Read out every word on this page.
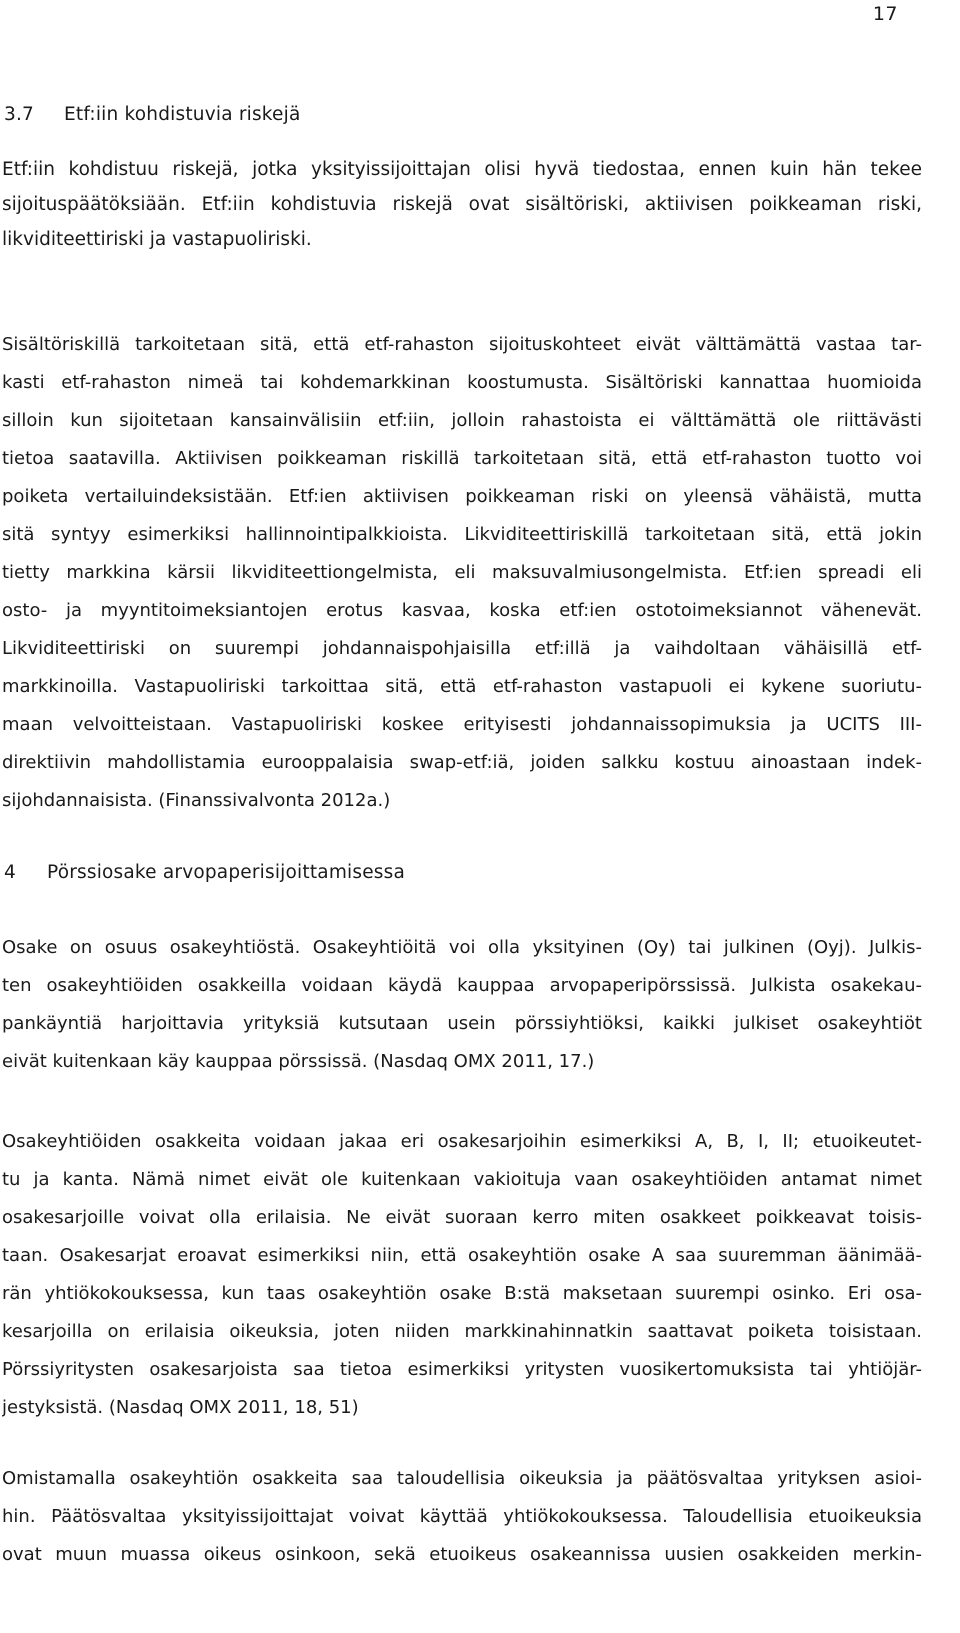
17
3.7 Etf:iin kohdistuvia riskejä
Etf:iin kohdistuu riskejä, jotka yksityissijoittajan olisi hyvä tiedostaa, ennen kuin hän tekee
sijoituspäätöksiään. Etf:iin kohdistuvia riskejä ovat sisältöriski, aktiivisen poikkeaman riski,
likviditeettiriski ja vastapuoliriski.
Sisältöriskillä tarkoitetaan sitä, että etf-rahaston sijoituskohteet eivät välttämättä vastaa tar-
kasti etf-rahaston nimeä tai kohdemarkkinan koostumusta. Sisältöriski kannattaa huomioida
silloin kun sijoitetaan kansainvälisiin etf:iin, jolloin rahastoista ei välttämättä ole riittävästi
tietoa saatavilla. Aktiivisen poikkeaman riskillä tarkoitetaan sitä, että etf-rahaston tuotto voi
poiketa vertailuindeksistään. Etf:ien aktiivisen poikkeaman riski on yleensä vähäistä, mutta
sitä syntyy esimerkiksi hallinnointipalkkioista. Likviditeettiriskillä tarkoitetaan sitä, että jokin
tietty markkina kärsii likviditeettiongelmista, eli maksuvalmiusongelmista. Etf:ien spreadi eli
osto- ja myyntitoimeksiantojen erotus kasvaa, koska etf:ien ostotoimeksiannot vähenevät.
Likviditeettiriski on suurempi johdannaispohjaisilla etf:illä ja vaihdoltaan vähäisillä etf-
markkinoilla. Vastapuoliriski tarkoittaa sitä, että etf-rahaston vastapuoli ei kykene suoriutu-
maan velvoitteistaan. Vastapuoliriski koskee erityisesti johdannaissopimuksia ja UCITS III-
direktiivin mahdollistamia eurooppalaisia swap-etf:iä, joiden salkku kostuu ainoastaan indek-
sijohdannaisista. (Finanssivalvonta 2012a.)
4 Pörssiosake arvopaperisijoittamisessa
Osake on osuus osakeyhtiöstä. Osakeyhtiöitä voi olla yksityinen (Oy) tai julkinen (Oyj). Julkis-
ten osakeyhtiöiden osakkeilla voidaan käydä kauppaa arvopaperipörssissä. Julkista osakekau-
pankäyntiä harjoittavia yrityksiä kutsutaan usein pörssiyhtiöksi, kaikki julkiset osakeyhtiöt
eivät kuitenkaan käy kauppaa pörssissä. (Nasdaq OMX 2011, 17.)
Osakeyhtiöiden osakkeita voidaan jakaa eri osakesarjoihin esimerkiksi A, B, I, II; etuoikeutet-
tu ja kanta. Nämä nimet eivät ole kuitenkaan vakioituja vaan osakeyhtiöiden antamat nimet
osakesarjoille voivat olla erilaisia. Ne eivät suoraan kerro miten osakkeet poikkeavat toisis-
taan. Osakesarjat eroavat esimerkiksi niin, että osakeyhtiön osake A saa suuremman äänimää-
rän yhtiökokouksessa, kun taas osakeyhtiön osake B:stä maksetaan suurempi osinko. Eri osa-
kesarjoilla on erilaisia oikeuksia, joten niiden markkinahinnatkin saattavat poiketa toisistaan.
Pörssiyritysten osakesarjoista saa tietoa esimerkiksi yritysten vuosikertomuksista tai yhtiöjär-
jestyksistä. (Nasdaq OMX 2011, 18, 51)
Omistamalla osakeyhtiön osakkeita saa taloudellisia oikeuksia ja päätösvaltaa yrityksen asioi-
hin. Päätösvaltaa yksityissijoittajat voivat käyttää yhtiökokouksessa. Taloudellisia etuoikeuksia
ovat muun muassa oikeus osinkoon, sekä etuoikeus osakeannissa uusien osakkeiden merkin-
